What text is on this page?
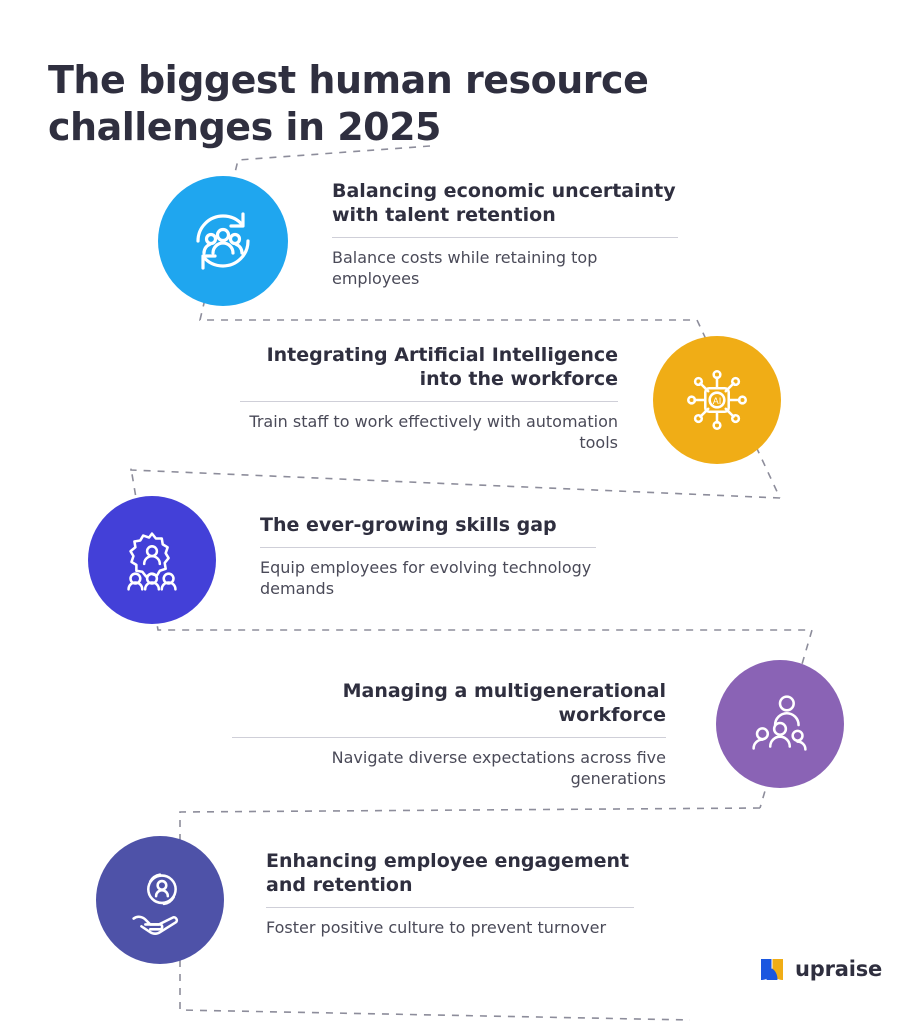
The biggest human resource challenges in 2025
Balancing economic uncertainty with talent retention
Balance costs while retaining top employees
AI
Integrating Artificial Intelligence into the workforce
Train staff to work effectively with automation tools
The ever-growing skills gap
Equip employees for evolving technology demands
Managing a multigenerational workforce
Navigate diverse expectations across five generations
Enhancing employee engagement and retention
Foster positive culture to prevent turnover
upraise
